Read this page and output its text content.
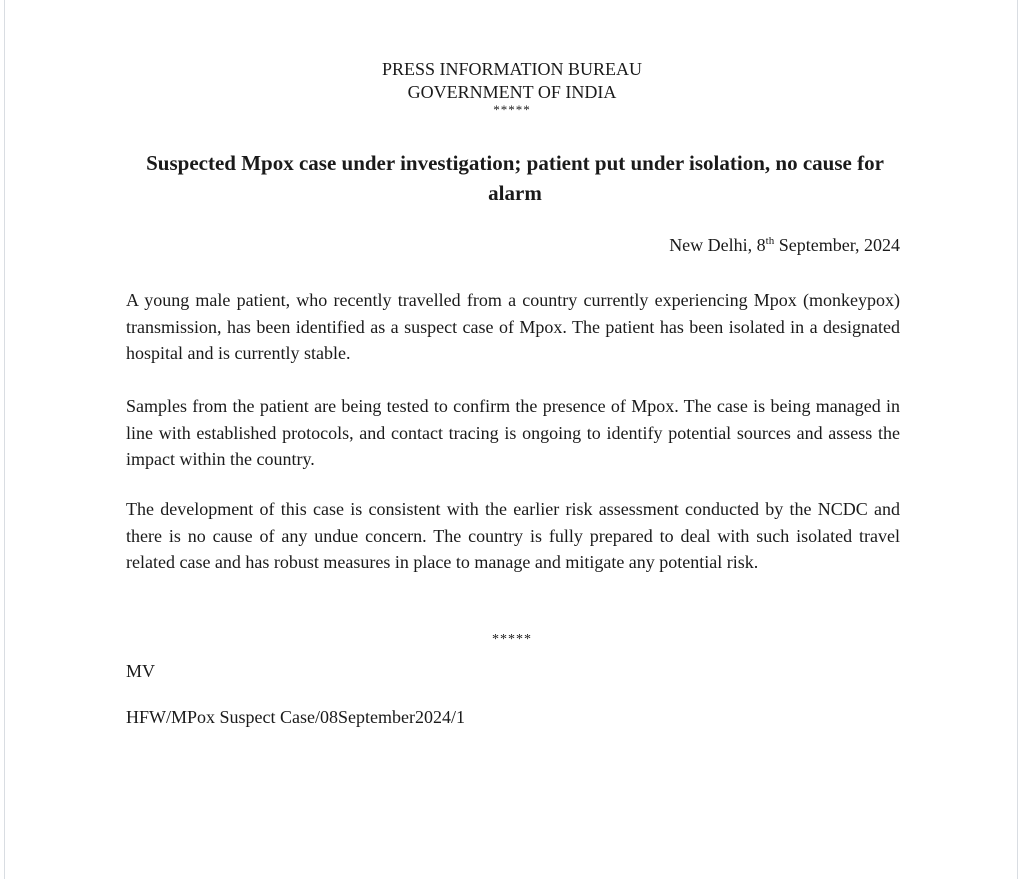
PRESS INFORMATION BUREAU
GOVERNMENT OF INDIA
*****
Suspected Mpox case under investigation; patient put under isolation, no cause for alarm
New Delhi, 8th September, 2024

A young male patient, who recently travelled from a country currently experiencing Mpox (monkeypox) transmission, has been identified as a suspect case of Mpox. The patient has been isolated in a designated hospital and is currently stable.

Samples from the patient are being tested to confirm the presence of Mpox. The case is being managed in line with established protocols, and contact tracing is ongoing to identify potential sources and assess the impact within the country.

The development of this case is consistent with the earlier risk assessment conducted by the NCDC and there is no cause of any undue concern. The country is fully prepared to deal with such isolated travel related case and has robust measures in place to manage and mitigate any potential risk.

*****
MV
HFW/MPox Suspect Case/08September2024/1
